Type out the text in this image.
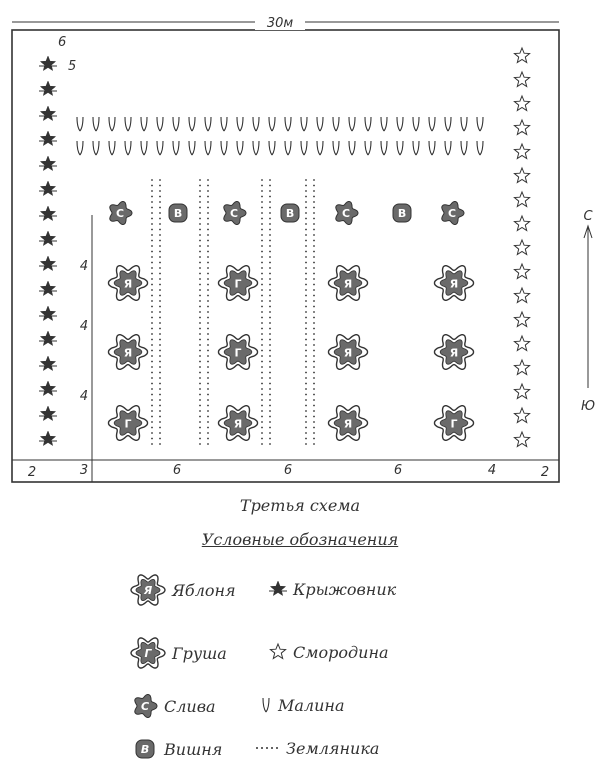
30м
6
5
С	В	С	В	С	В	С
Я	Г	Я	Я
Я	Г	Я	Я
Г	Я	Я	Г
4
4
4
2	3	6	6	6	4	2
С
Ю
Третья схема
Условные обозначения
Я Яблоня	Крыжовник
Г Груша	Смородина
С Слива	Малина
В Вишня	Земляника
